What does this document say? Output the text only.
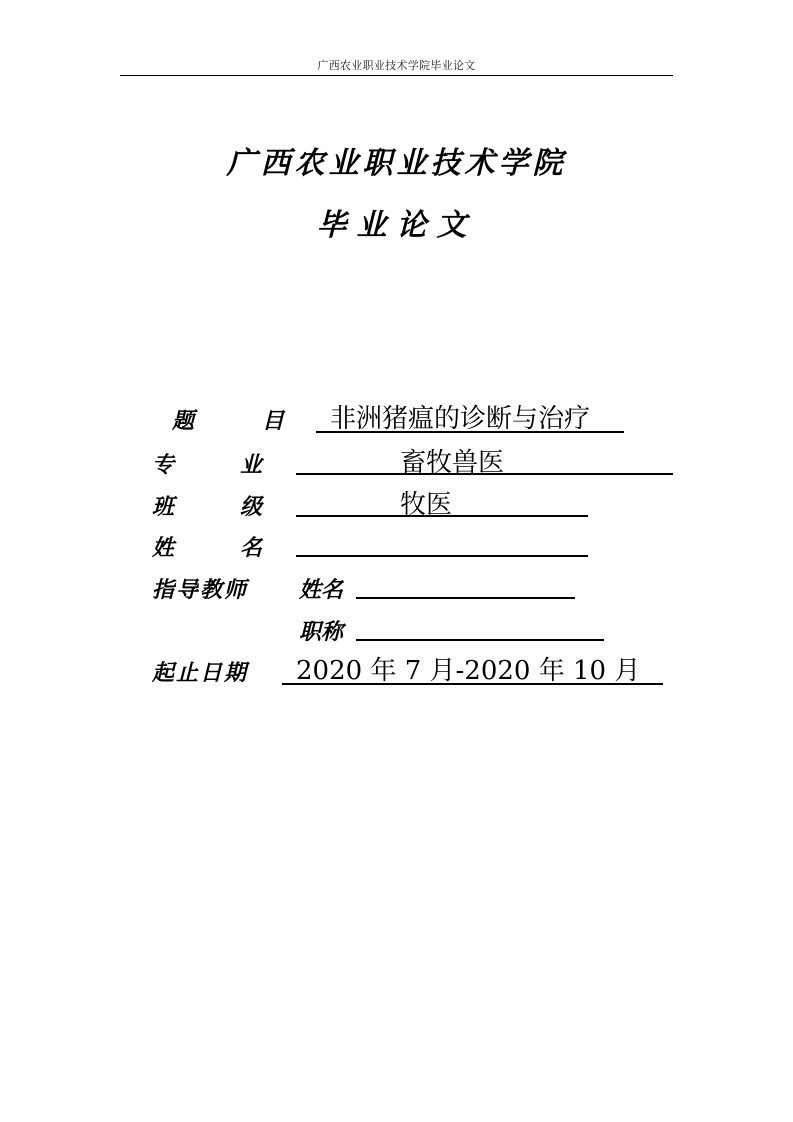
广西农业职业技术学院毕业论文
广西农业职业技术学院
毕业论文
题	目 非洲猪瘟的诊断与治疗
专	业	畜牧兽医
班	级	牧医
姓	名
指导教师 姓名
职称
起止日期 2020 年 7 月-2020 年 10 月
